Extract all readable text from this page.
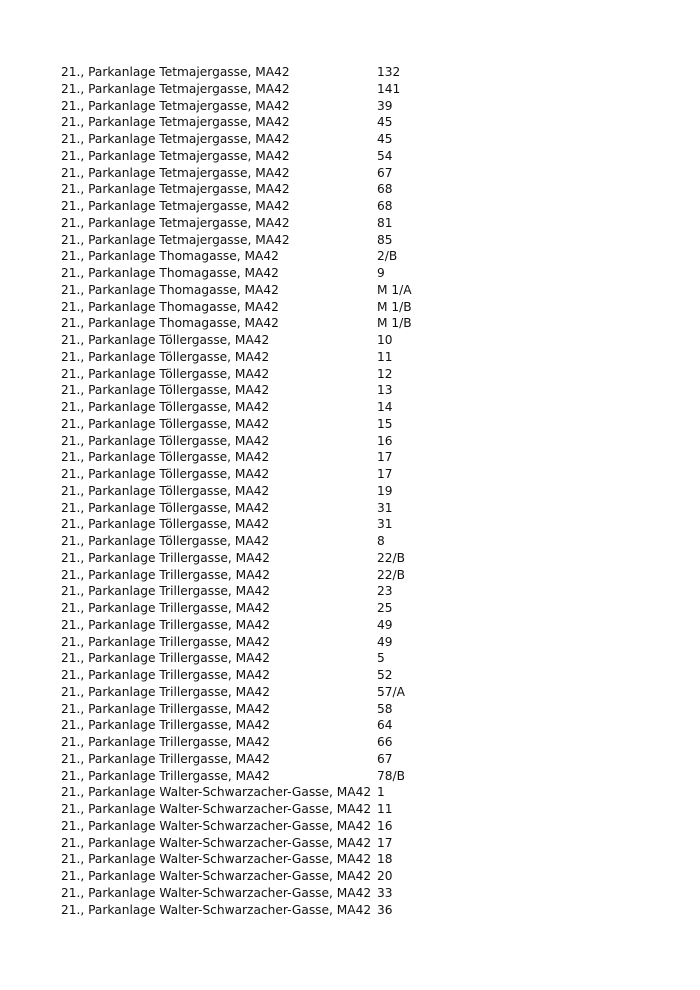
21., Parkanlage Tetmajergasse, MA42	132
21., Parkanlage Tetmajergasse, MA42	141
21., Parkanlage Tetmajergasse, MA42	39
21., Parkanlage Tetmajergasse, MA42	45
21., Parkanlage Tetmajergasse, MA42	45
21., Parkanlage Tetmajergasse, MA42	54
21., Parkanlage Tetmajergasse, MA42	67
21., Parkanlage Tetmajergasse, MA42	68
21., Parkanlage Tetmajergasse, MA42	68
21., Parkanlage Tetmajergasse, MA42	81
21., Parkanlage Tetmajergasse, MA42	85
21., Parkanlage Thomagasse, MA42	2/B
21., Parkanlage Thomagasse, MA42	9
21., Parkanlage Thomagasse, MA42	M 1/A
21., Parkanlage Thomagasse, MA42	M 1/B
21., Parkanlage Thomagasse, MA42	M 1/B
21., Parkanlage Töllergasse, MA42	10
21., Parkanlage Töllergasse, MA42	11
21., Parkanlage Töllergasse, MA42	12
21., Parkanlage Töllergasse, MA42	13
21., Parkanlage Töllergasse, MA42	14
21., Parkanlage Töllergasse, MA42	15
21., Parkanlage Töllergasse, MA42	16
21., Parkanlage Töllergasse, MA42	17
21., Parkanlage Töllergasse, MA42	17
21., Parkanlage Töllergasse, MA42	19
21., Parkanlage Töllergasse, MA42	31
21., Parkanlage Töllergasse, MA42	31
21., Parkanlage Töllergasse, MA42	8
21., Parkanlage Trillergasse, MA42	22/B
21., Parkanlage Trillergasse, MA42	22/B
21., Parkanlage Trillergasse, MA42	23
21., Parkanlage Trillergasse, MA42	25
21., Parkanlage Trillergasse, MA42	49
21., Parkanlage Trillergasse, MA42	49
21., Parkanlage Trillergasse, MA42	5
21., Parkanlage Trillergasse, MA42	52
21., Parkanlage Trillergasse, MA42	57/A
21., Parkanlage Trillergasse, MA42	58
21., Parkanlage Trillergasse, MA42	64
21., Parkanlage Trillergasse, MA42	66
21., Parkanlage Trillergasse, MA42	67
21., Parkanlage Trillergasse, MA42	78/B
21., Parkanlage Walter-Schwarzacher-Gasse, MA42 1
21., Parkanlage Walter-Schwarzacher-Gasse, MA42 11
21., Parkanlage Walter-Schwarzacher-Gasse, MA42 16
21., Parkanlage Walter-Schwarzacher-Gasse, MA42 17
21., Parkanlage Walter-Schwarzacher-Gasse, MA42 18
21., Parkanlage Walter-Schwarzacher-Gasse, MA42 20
21., Parkanlage Walter-Schwarzacher-Gasse, MA42 33
21., Parkanlage Walter-Schwarzacher-Gasse, MA42 36
